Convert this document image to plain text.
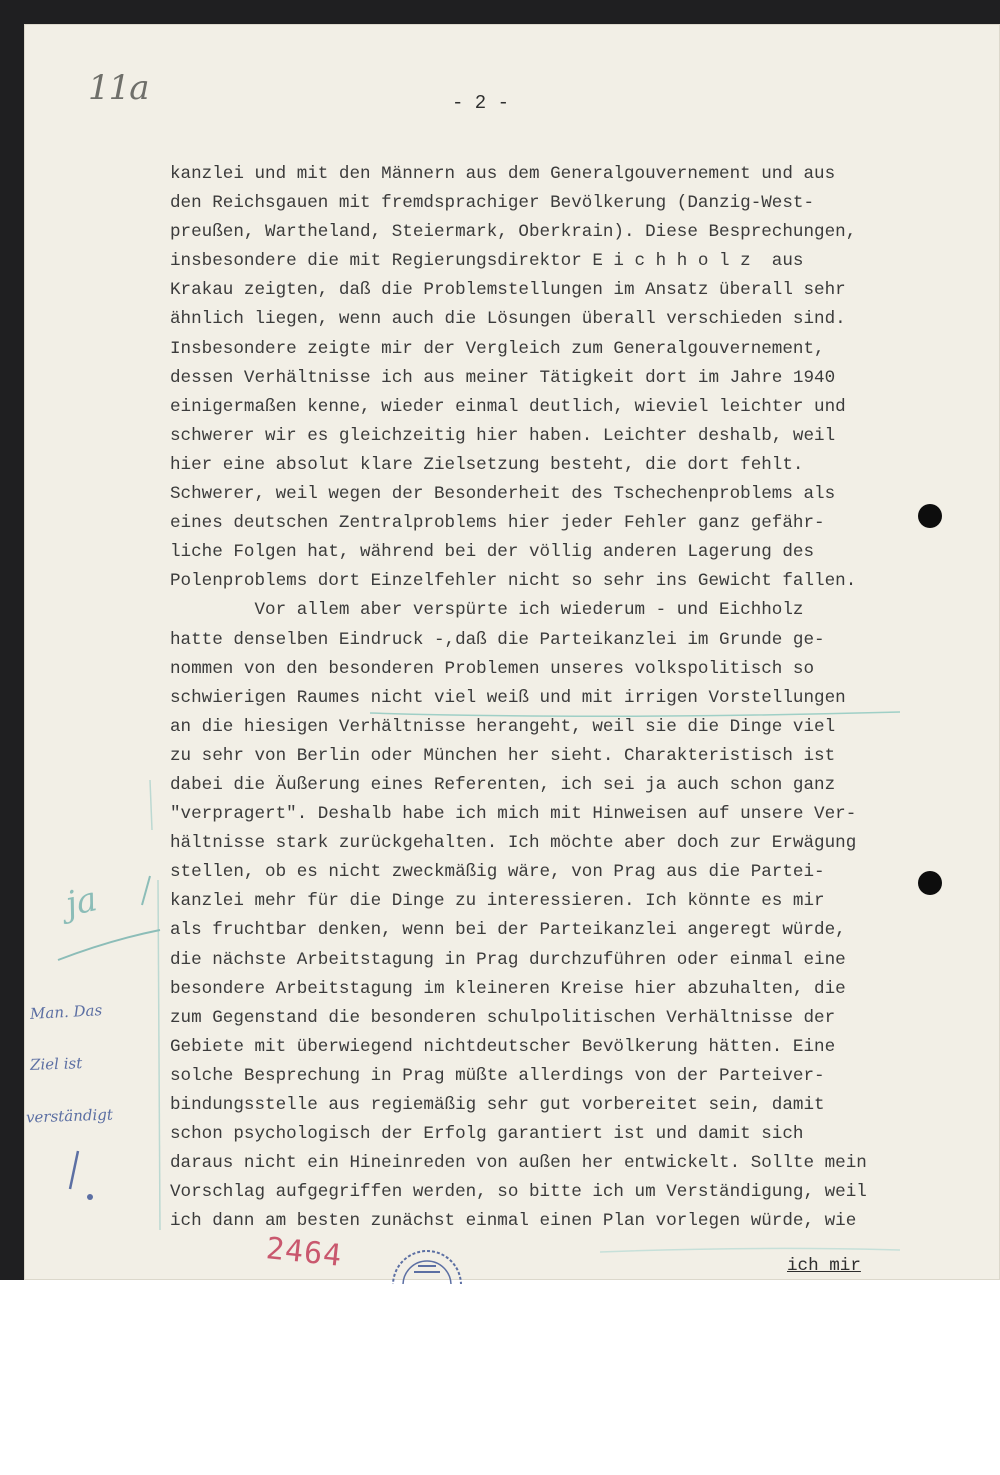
11a	- 2 -

kanzlei und mit den Männern aus dem Generalgouvernement und aus
den Reichsgauen mit fremdsprachiger Bevölkerung (Danzig-West-
preußen, Wartheland, Steiermark, Oberkrain). Diese Besprechungen,
insbesondere die mit Regierungsdirektor E i c h h o l z  aus
Krakau zeigten, daß die Problemstellungen im Ansatz überall sehr
ähnlich liegen, wenn auch die Lösungen überall verschieden sind.
Insbesondere zeigte mir der Vergleich zum Generalgouvernement,
dessen Verhältnisse ich aus meiner Tätigkeit dort im Jahre 1940
einigermaßen kenne, wieder einmal deutlich, wieviel leichter und
schwerer wir es gleichzeitig hier haben. Leichter deshalb, weil
hier eine absolut klare Zielsetzung besteht, die dort fehlt.
Schwerer, weil wegen der Besonderheit des Tschechenproblems als
eines deutschen Zentralproblems hier jeder Fehler ganz gefähr-
liche Folgen hat, während bei der völlig anderen Lagerung des
Polenproblems dort Einzelfehler nicht so sehr ins Gewicht fallen.
Vor allem aber verspürte ich wiederum - und Eichholz
hatte denselben Eindruck -,daß die Parteikanzlei im Grunde ge-
nommen von den besonderen Problemen unseres volkspolitisch so
schwierigen Raumes nicht viel weiß und mit irrigen Vorstellungen
an die hiesigen Verhältnisse herangeht, weil sie die Dinge viel
zu sehr von Berlin oder München her sieht. Charakteristisch ist
dabei die Äußerung eines Referenten, ich sei ja auch schon ganz
"verpragert". Deshalb habe ich mich mit Hinweisen auf unsere Ver-
hältnisse stark zurückgehalten. Ich möchte aber doch zur Erwägung
stellen, ob es nicht zweckmäßig wäre, von Prag aus die Partei-
kanzlei mehr für die Dinge zu interessieren. Ich könnte es mir
als fruchtbar denken, wenn bei der Parteikanzlei angeregt würde,
die nächste Arbeitstagung in Prag durchzuführen oder einmal eine
besondere Arbeitstagung im kleineren Kreise hier abzuhalten, die
zum Gegenstand die besonderen schulpolitischen Verhältnisse der
Gebiete mit überwiegend nichtdeutscher Bevölkerung hätten. Eine
solche Besprechung in Prag müßte allerdings von der Parteiver-
bindungsstelle aus regiemäßig sehr gut vorbereitet sein, damit
schon psychologisch der Erfolg garantiert ist und damit sich
daraus nicht ein Hineinreden von außen her entwickelt. Sollte mein
Vorschlag aufgegriffen werden, so bitte ich um Verständigung, weil
ich dann am besten zunächst einmal einen Plan vorlegen würde, wie

ich mir

ja

Man. Das

Ziel ist

verständigt

2464
